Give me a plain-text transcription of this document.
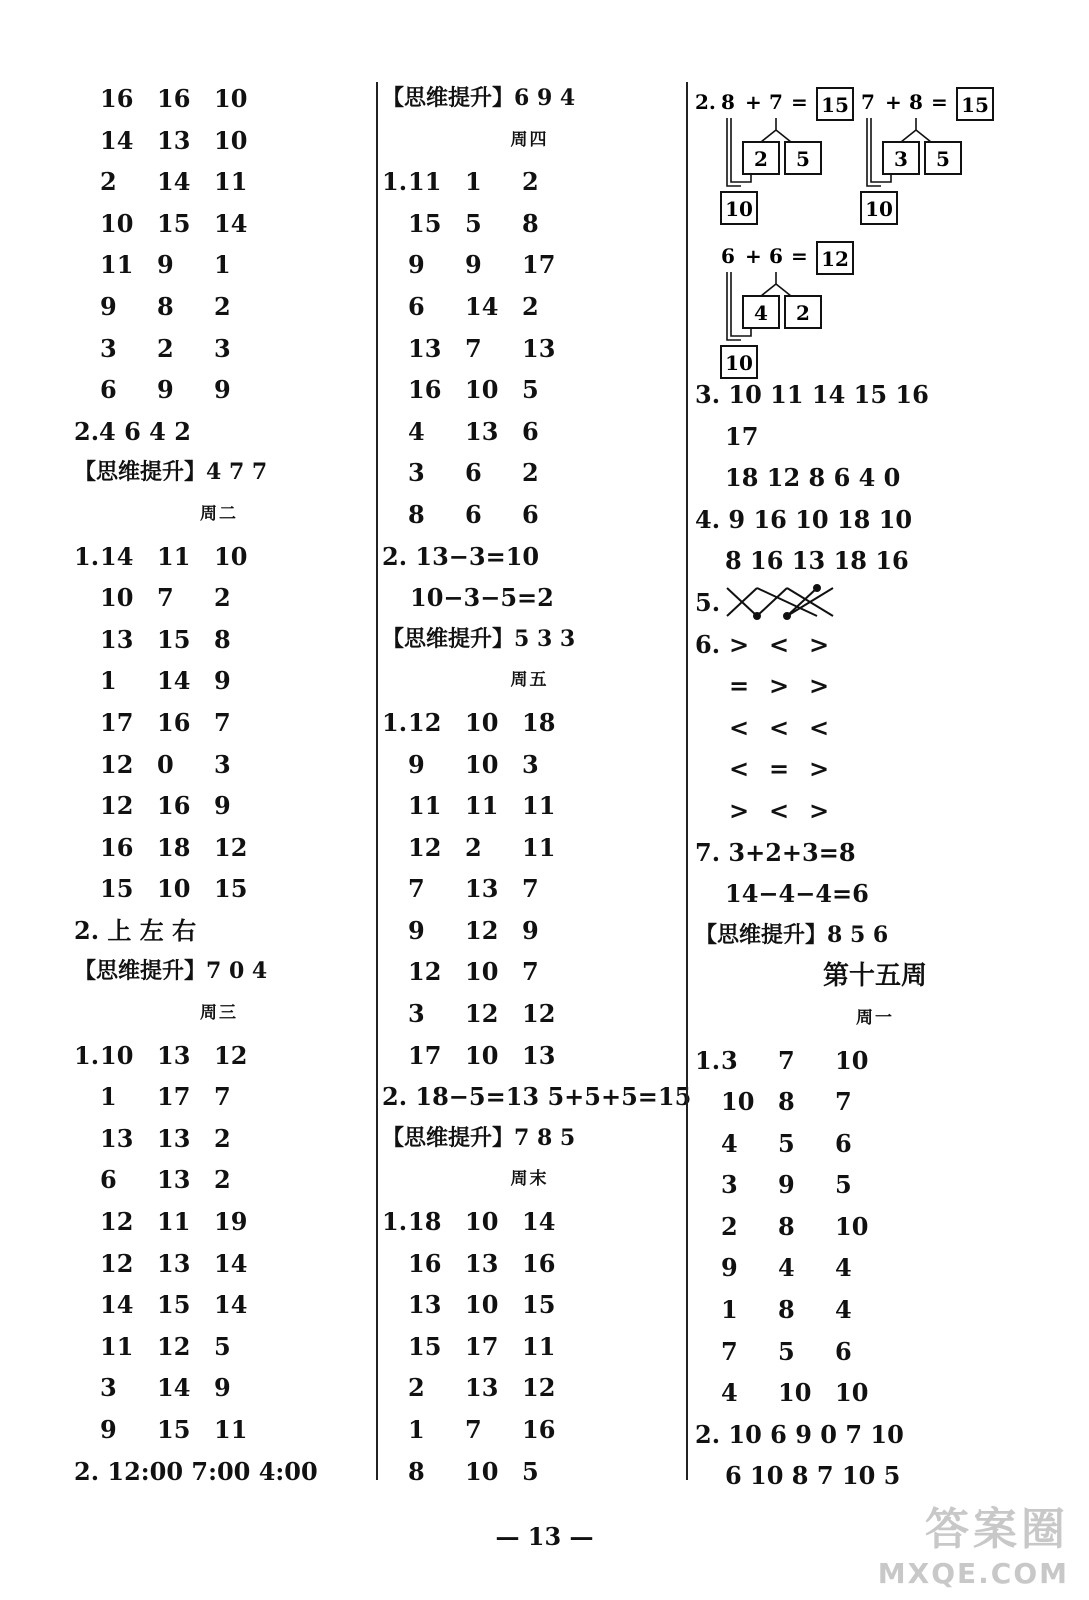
16 16 10
14 13 10
2 14 11
10 15 14
11 9 1
9 8 2
3 2 3
6 9 9
2.4 6 4 2
【思维提升】4 7 7
周二
1.14 11 10
10 7 2
13 15 8
1 14 9
17 16 7
12 0 3
12 16 9
16 18 12
15 10 15
2. 上 左 右
【思维提升】7 0 4
周三
1.10 13 12
1 17 7
13 13 2
6 13 2
12 11 19
12 13 14
14 15 14
11 12 5
3 14 9
9 15 11
2. 12:00 7:00 4:00
【思维提升】6 9 4
周四
1.11 1 2
15 5 8
9 9 17
6 14 2
13 7 13
16 10 5
4 13 6
3 6 2
8 6 6
2. 13−3=10
10−3−5=2
【思维提升】5 3 3
周五
1.12 10 18
9 10 3
11 11 11
12 2 11
7 13 7
9 12 9
12 10 7
3 12 12
17 10 13
2. 18−5=13 5+5+5=15
【思维提升】7 8 5
周末
1.18 10 14
16 13 16
13 10 15
15 17 11
2 13 12
1 7 16
8 10 5
2. 8 + 7 = 15
2 5
10
7 + 8 = 15
3 5
10
6 + 6 = 12
4 2
10
3. 10 11 14 15 16
17
18 12 8 6 4 0
4. 9 16 10 18 10
8 16 13 18 16
5.
6. > < >
= > >
< < <
< = >
> < >
7. 3+2+3=8
14−4−4=6
【思维提升】8 5 6
第十五周
周一
1.3 7 10
10 8 7
4 5 6
3 9 5
2 8 10
9 4 4
1 8 4
7 5 6
4 10 10
2. 10 6 9 0 7 10
6 10 8 7 10 5
— 13 —	答案圈
MXQE.COM
